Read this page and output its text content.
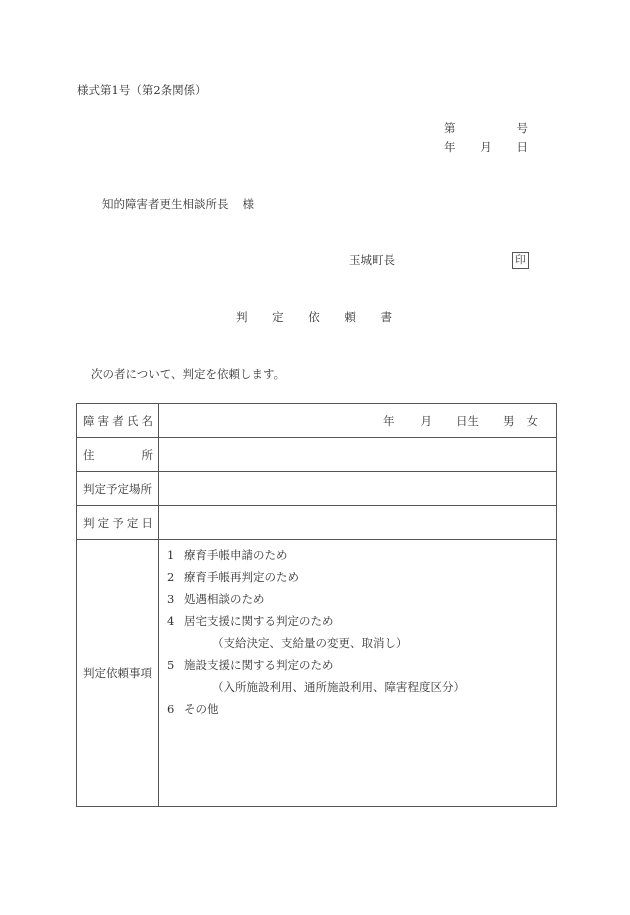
様式第1号（第2条関係）
第	号
年 月 日
知的障害者更生相談所長 様
玉城町長	印
判 定 依 頼 書
次の者について、判定を依頼します。
障 害 者 氏 名	年 月 日生 男 女

住 所	

判定予定場所	

判 定 予 定 日	

判定依頼事項

1 療育手帳申請のため
2 療育手帳再判定のため
3 処遇相談のため
4 居宅支援に関する判定のため
（支給決定、支給量の変更、取消し）
5 施設支援に関する判定のため
（入所施設利用、通所施設利用、障害程度区分）
6 その他
